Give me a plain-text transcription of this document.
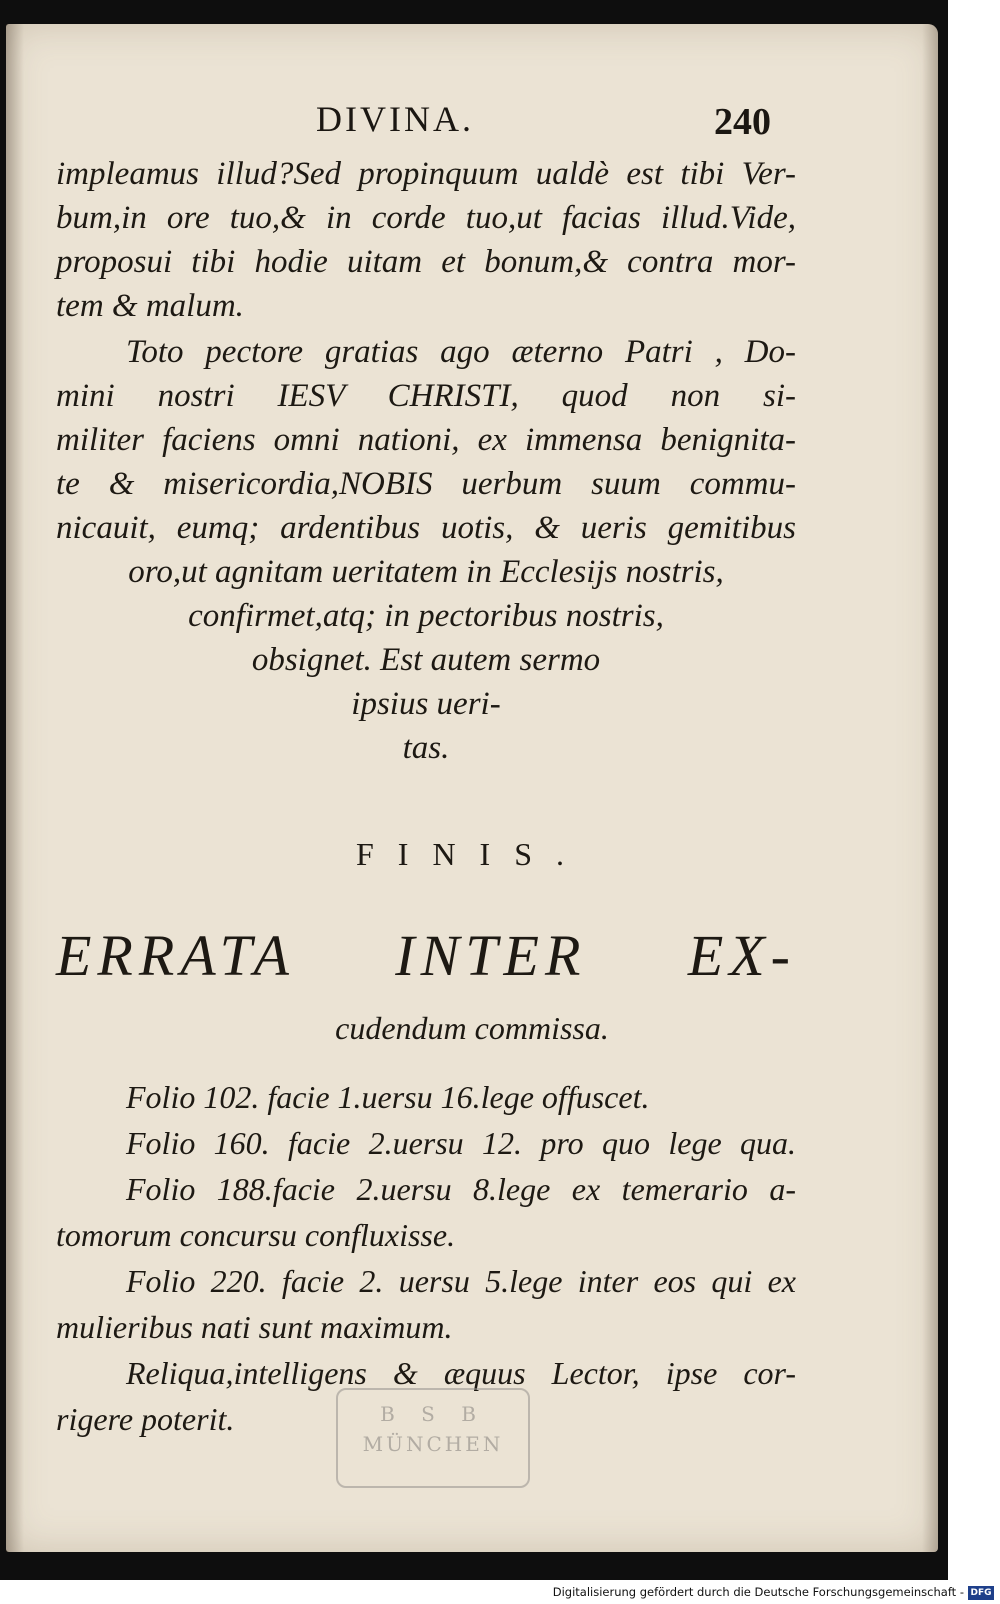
DIVINA.	240
impleamus illud?Sed propinquum ualdè est tibi Ver-
bum,in ore tuo,& in corde tuo,ut facias illud.Vide,
proposui tibi hodie uitam et bonum,& contra mor-
tem & malum.
Toto pectore gratias ago æterno Patri , Do-
mini nostri IESV CHRISTI, quod non si-
militer faciens omni nationi, ex immensa benignita-
te & misericordia,NOBIS uerbum suum commu-
nicauit, eumq; ardentibus uotis, & ueris gemitibus
oro,ut agnitam ueritatem in Ecclesijs nostris,
confirmet,atq; in pectoribus nostris,
obsignet. Est autem sermo
ipsius ueri-
tas.
FINIS.
ERRATA INTER EX-
cudendum commissa.
Folio 102. facie 1.uersu 16.lege offuscet.
Folio 160. facie 2.uersu 12. pro quo lege qua.
Folio 188.facie 2.uersu 8.lege ex temerario a-
tomorum concursu confluxisse.
Folio 220. facie 2. uersu 5.lege inter eos qui ex
mulieribus nati sunt maximum.
Reliqua,intelligens & æquus Lector, ipse cor-
rigere poterit.	B S B
MÜNCHEN
Digitalisierung gefördert durch die Deutsche Forschungsgemeinschaft - DFG
